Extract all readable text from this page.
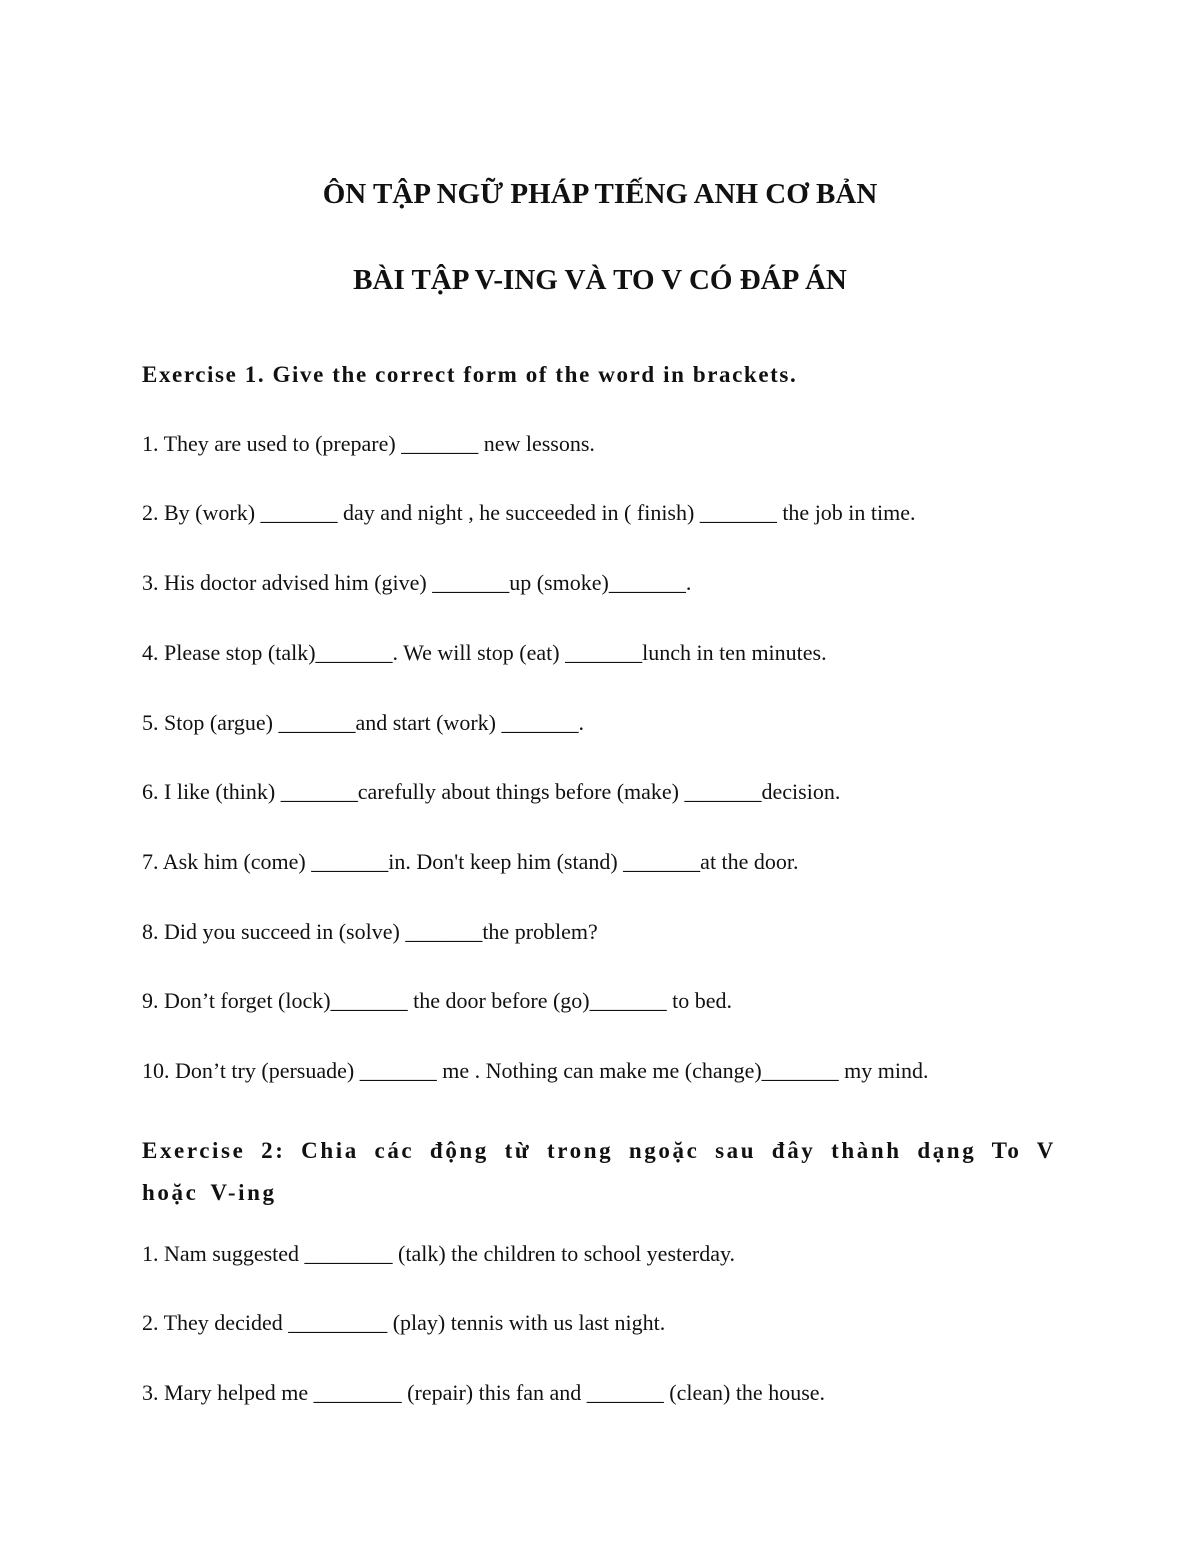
ÔN TẬP NGỮ PHÁP TIẾNG ANH CƠ BẢN
BÀI TẬP V-ING VÀ TO V CÓ ĐÁP ÁN
Exercise 1. Give the correct form of the word in brackets.

1. They are used to (prepare) _______ new lessons.

2. By (work) _______ day and night , he succeeded in ( finish) _______ the job in time.

3. His doctor advised him (give) _______up (smoke)_______.

4. Please stop (talk)_______. We will stop (eat) _______lunch in ten minutes.

5. Stop (argue) _______and start (work) _______.

6. I like (think) _______carefully about things before (make) _______decision.

7. Ask him (come) _______in. Don't keep him (stand) _______at the door.

8. Did you succeed in (solve) _______the problem?

9. Don’t forget (lock)_______ the door before (go)_______ to bed.

10. Don’t try (persuade) _______ me . Nothing can make me (change)_______ my mind.

Exercise 2: Chia các động từ trong ngoặc sau đây thành dạng To V hoặc V-ing

1. Nam suggested ________ (talk) the children to school yesterday.

2. They decided _________ (play) tennis with us last night.

3. Mary helped me ________ (repair) this fan and _______ (clean) the house.
